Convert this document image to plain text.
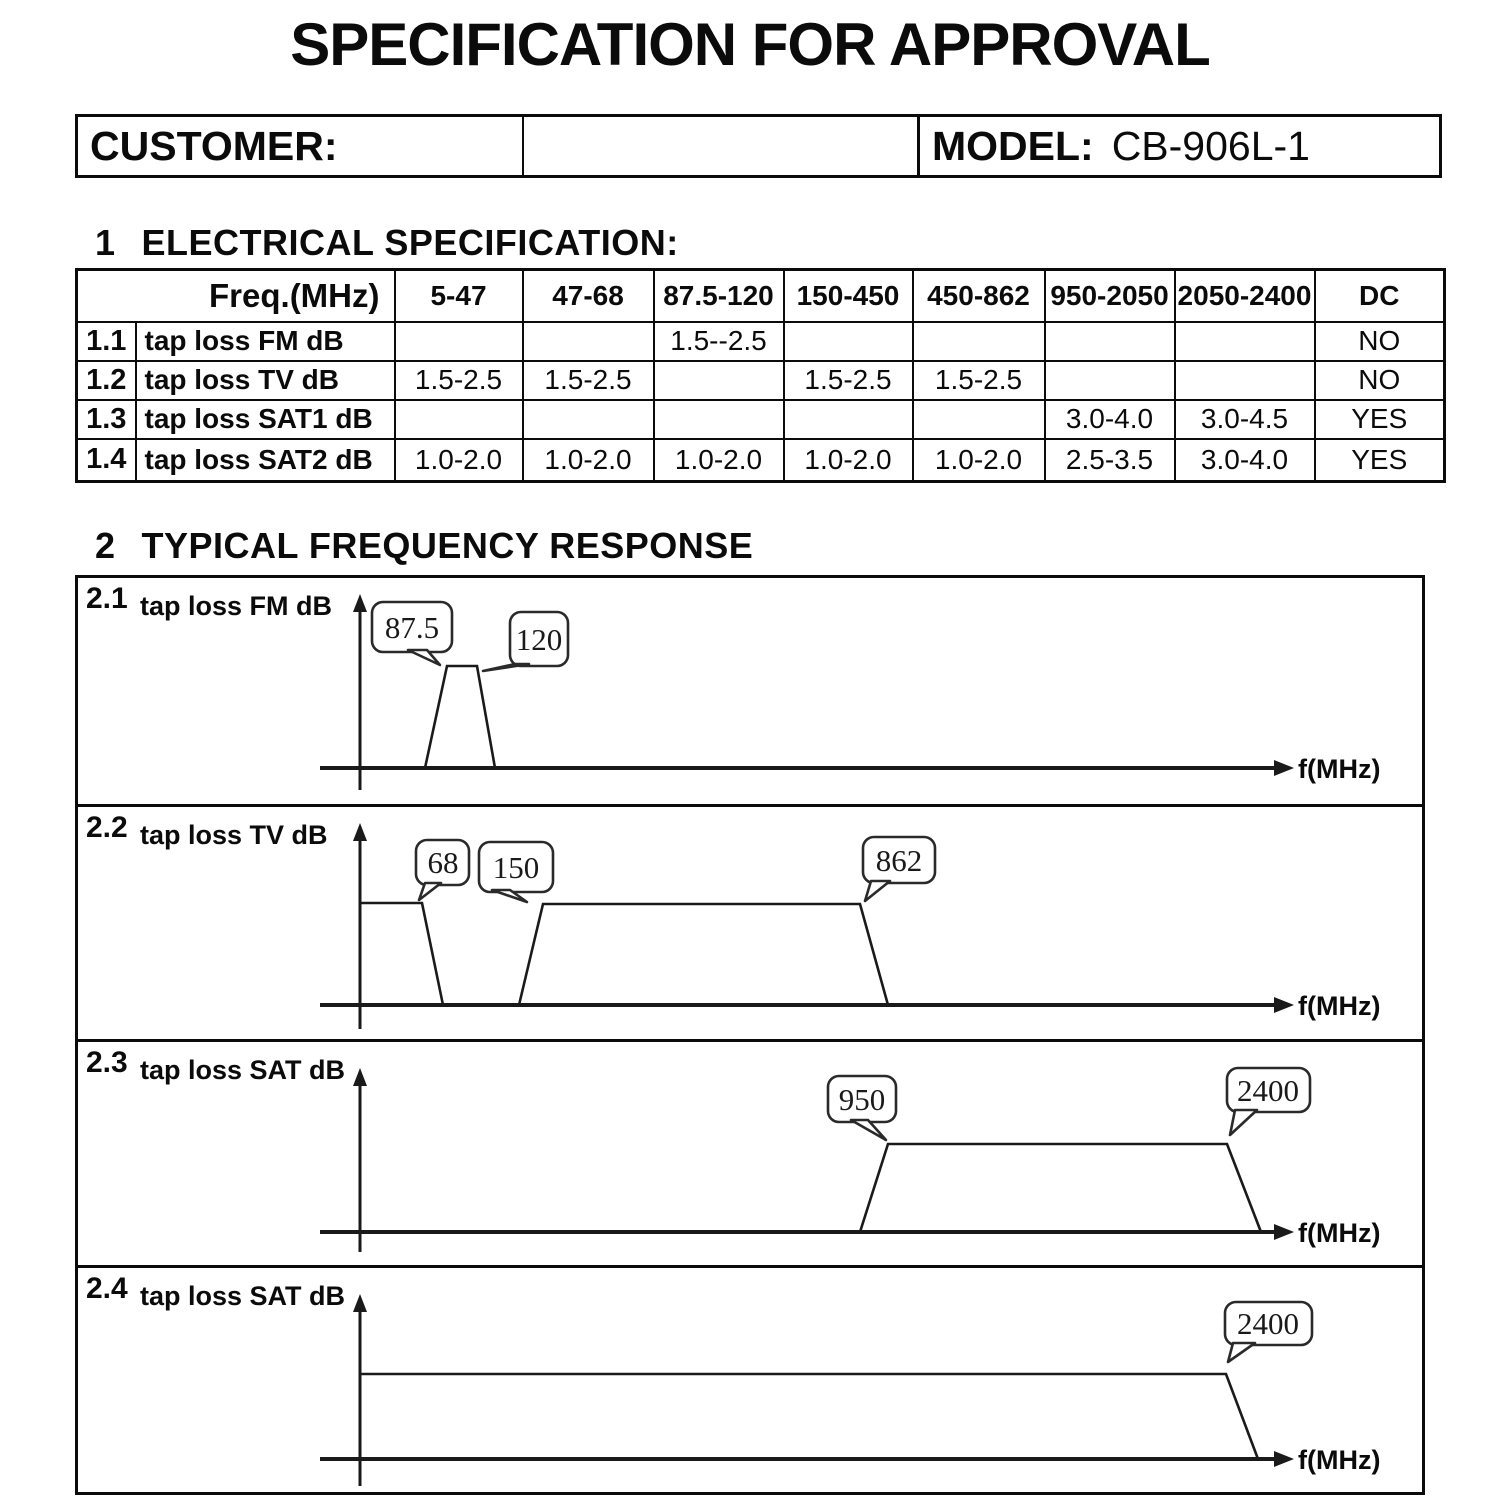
SPECIFICATION FOR APPROVAL
CUSTOMER:	MODEL: CB-906L-1
1 ELECTRICAL SPECIFICATION:
Freq.(MHz)		5-47	47-68	87.5-120	150-450	450-862	950-2050	2050-2400	DC
1.1	tap loss FM dB			1.5--2.5					NO
1.2	tap loss TV dB	1.5-2.5	1.5-2.5		1.5-2.5	1.5-2.5			NO
1.3	tap loss SAT1 dB						3.0-4.0	3.0-4.5	YES
1.4	tap loss SAT2 dB	1.0-2.0	1.0-2.0	1.0-2.0	1.0-2.0	1.0-2.0	2.5-3.5	3.0-4.0	YES
2 TYPICAL FREQUENCY RESPONSE
2.1 tap loss FM dB
f(MHz)
87.5 120
2.2 tap loss TV dB
f(MHz)
68 150	862
2.3 tap loss SAT dB
f(MHz)
950	2400
2.4 tap loss SAT dB
f(MHz)
2400
